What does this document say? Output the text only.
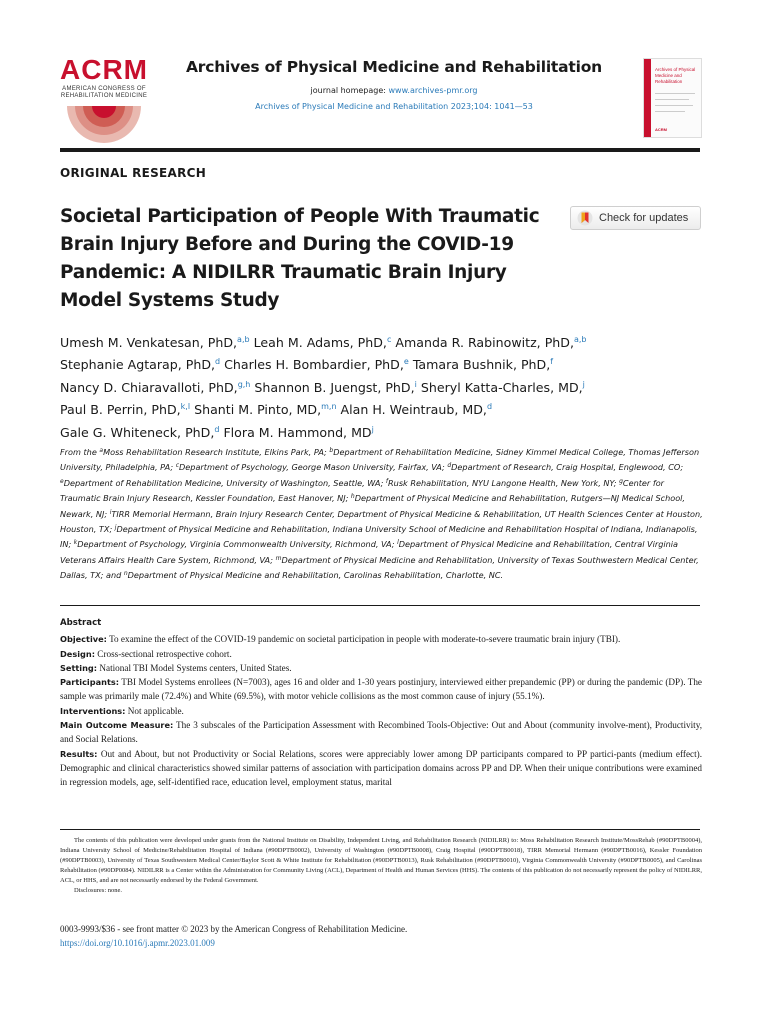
ACRM
AMERICAN CONGRESS OF
REHABILITATION MEDICINE
Archives of Physical Medicine and Rehabilitation
journal homepage: www.archives-pmr.org
Archives of Physical Medicine and Rehabilitation 2023;104: 1041—53
Archives of Physical Medicine and Rehabilitation
ACRM
ORIGINAL RESEARCH
Societal Participation of People With Traumatic Brain Injury Before and During the COVID-19 Pandemic: A NIDILRR Traumatic Brain Injury Model Systems Study
Check for updates
Umesh M. Venkatesan, PhD,$^{a,b}$ Leah M. Adams, PhD,$^c$ Amanda R. Rabinowitz, PhD,$^{a,b}$
Stephanie Agtarap, PhD,$^d$ Charles H. Bombardier, PhD,$^e$ Tamara Bushnik, PhD,$^f$
Nancy D. Chiaravalloti, PhD,$^{g,h}$ Shannon B. Juengst, PhD,$^i$ Sheryl Katta-Charles, MD,$^j$
Paul B. Perrin, PhD,$^{k,l}$ Shanti M. Pinto, MD,$^{m,n}$ Alan H. Weintraub, MD,$^d$
Gale G. Whiteneck, PhD,$^d$ Flora M. Hammond, $MD^j$
From the $^a$Moss Rehabilitation Research Institute, Elkins Park, PA; $^b$Department of Rehabilitation Medicine, Sidney Kimmel Medical College, Thomas Jefferson University, Philadelphia, PA; $^c$Department of Psychology, George Mason University, Fairfax, VA; $^d$Department of Research, Craig Hospital, Englewood, CO; $^e$Department of Rehabilitation Medicine, University of Washington, Seattle, WA; $^f$Rusk Rehabilitation, NYU Langone Health, New York, NY; $^g$Center for Traumatic Brain Injury Research, Kessler Foundation, East Hanover, NJ; $^h$Department of Physical Medicine and Rehabilitation, Rutgers—NJ Medical School, Newark, NJ; $^i$TIRR Memorial Hermann, Brain Injury Research Center, Department of Physical Medicine & Rehabilitation, UT Health Sciences Center at Houston, Houston, TX; $^j$Department of Physical Medicine and Rehabilitation, Indiana University School of Medicine and Rehabilitation Hospital of Indiana, Indianapolis, IN; $^k$Department of Psychology, Virginia Commonwealth University, Richmond, VA; $^l$Department of Physical Medicine and Rehabilitation, Central Virginia Veterans Affairs Health Care System, Richmond, VA; $^m$Department of Physical Medicine and Rehabilitation, University of Texas Southwestern Medical Center, Dallas, TX; and $^n$Department of Physical Medicine and Rehabilitation, Carolinas Rehabilitation, Charlotte, NC.
Abstract

Objective: To examine the effect of the COVID-19 pandemic on societal participation in people with moderate-to-severe traumatic brain injury (TBI).

Design: Cross-sectional retrospective cohort.

Setting: National TBI Model Systems centers, United States.

Participants: TBI Model Systems enrollees (N=7003), ages 16 and older and 1-30 years postinjury, interviewed either prepandemic (PP) or during the pandemic (DP). The sample was primarily male (72.4%) and White (69.5%), with motor vehicle collisions as the most common cause of injury (55.1%).

Interventions: Not applicable.

Main Outcome Measure: The 3 subscales of the Participation Assessment with Recombined Tools-Objective: Out and About (community involve-ment), Productivity, and Social Relations.

Results: Out and About, but not Productivity or Social Relations, scores were appreciably lower among DP participants compared to PP partici-pants (medium effect). Demographic and clinical characteristics showed similar patterns of association with participation domains across PP and DP. When their unique contributions were examined in regression models, age, self-identified race, education level, employment status, marital

The contents of this publication were developed under grants from the National Institute on Disability, Independent Living, and Rehabilitation Research (NIDILRR) to: Moss Rehabilitation Research Institute/MossRehab (#90DPTB0004), Indiana University School of Medicine/Rehabilitation Hospital of Indiana (#90DPTB0002), University of Washington (#90DPTB0008), Craig Hospital (#90DPTB0018), TIRR Memorial Hermann (#90DPTB0016), Kessler Foundation (#90DPTB0003), University of Texas Southwestern Medical Center/Baylor Scott & White Institute for Rehabilitation (#90DPTB0013), Rusk Rehabilitation (#90DPTB0010), Virginia Commonwealth University (#90DPTB0005), and Carolinas Rehabilitation (#90DP0084). NIDILRR is a Center within the Administration for Community Living (ACL), Department of Health and Human Services (HHS). The contents of this publication do not necessarily represent the policy of NIDILRR, ACL, or HHS, and are not necessarily endorsed by the Federal Government.

Disclosures: none.

0003-9993/$36 - see front matter © 2023 by the American Congress of Rehabilitation Medicine.
https://doi.org/10.1016/j.apmr.2023.01.009
